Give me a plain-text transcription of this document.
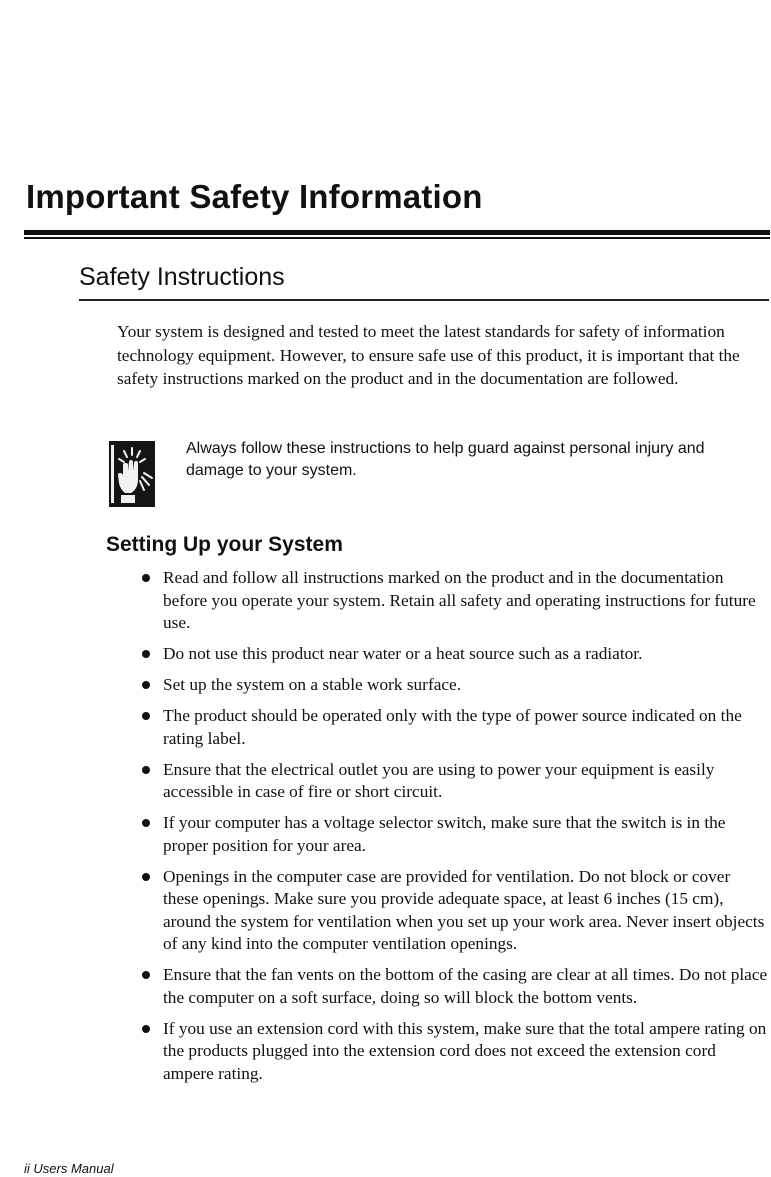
Important Safety Information
Safety Instructions

Your system is designed and tested to meet the latest standards for safety of information technology equipment. However, to ensure safe use of this product, it is important that the safety instructions marked on the product and in the documentation are followed.

Always follow these instructions to help guard against personal injury and damage to your system.

Setting Up your System
Read and follow all instructions marked on the product and in the documentation before you operate your system. Retain all safety and operating instructions for future use.
Do not use this product near water or a heat source such as a radiator.
Set up the system on a stable work surface.
The product should be operated only with the type of power source indicated on the rating label.
Ensure that the electrical outlet you are using to power your equipment is easily accessible in case of fire or short circuit.
If your computer has a voltage selector switch, make sure that the switch is in the proper position for your area.
Openings in the computer case are provided for ventilation. Do not block or cover these openings. Make sure you provide adequate space, at least 6 inches (15 cm), around the system for ventilation when you set up your work area. Never insert objects of any kind into the computer ventilation openings.
Ensure that the fan vents on the bottom of the casing are clear at all times. Do not place the computer on a soft surface, doing so will block the bottom vents.
If you use an extension cord with this system, make sure that the total ampere rating on the products plugged into the extension cord does not exceed the extension cord ampere rating.

ii Users Manual
